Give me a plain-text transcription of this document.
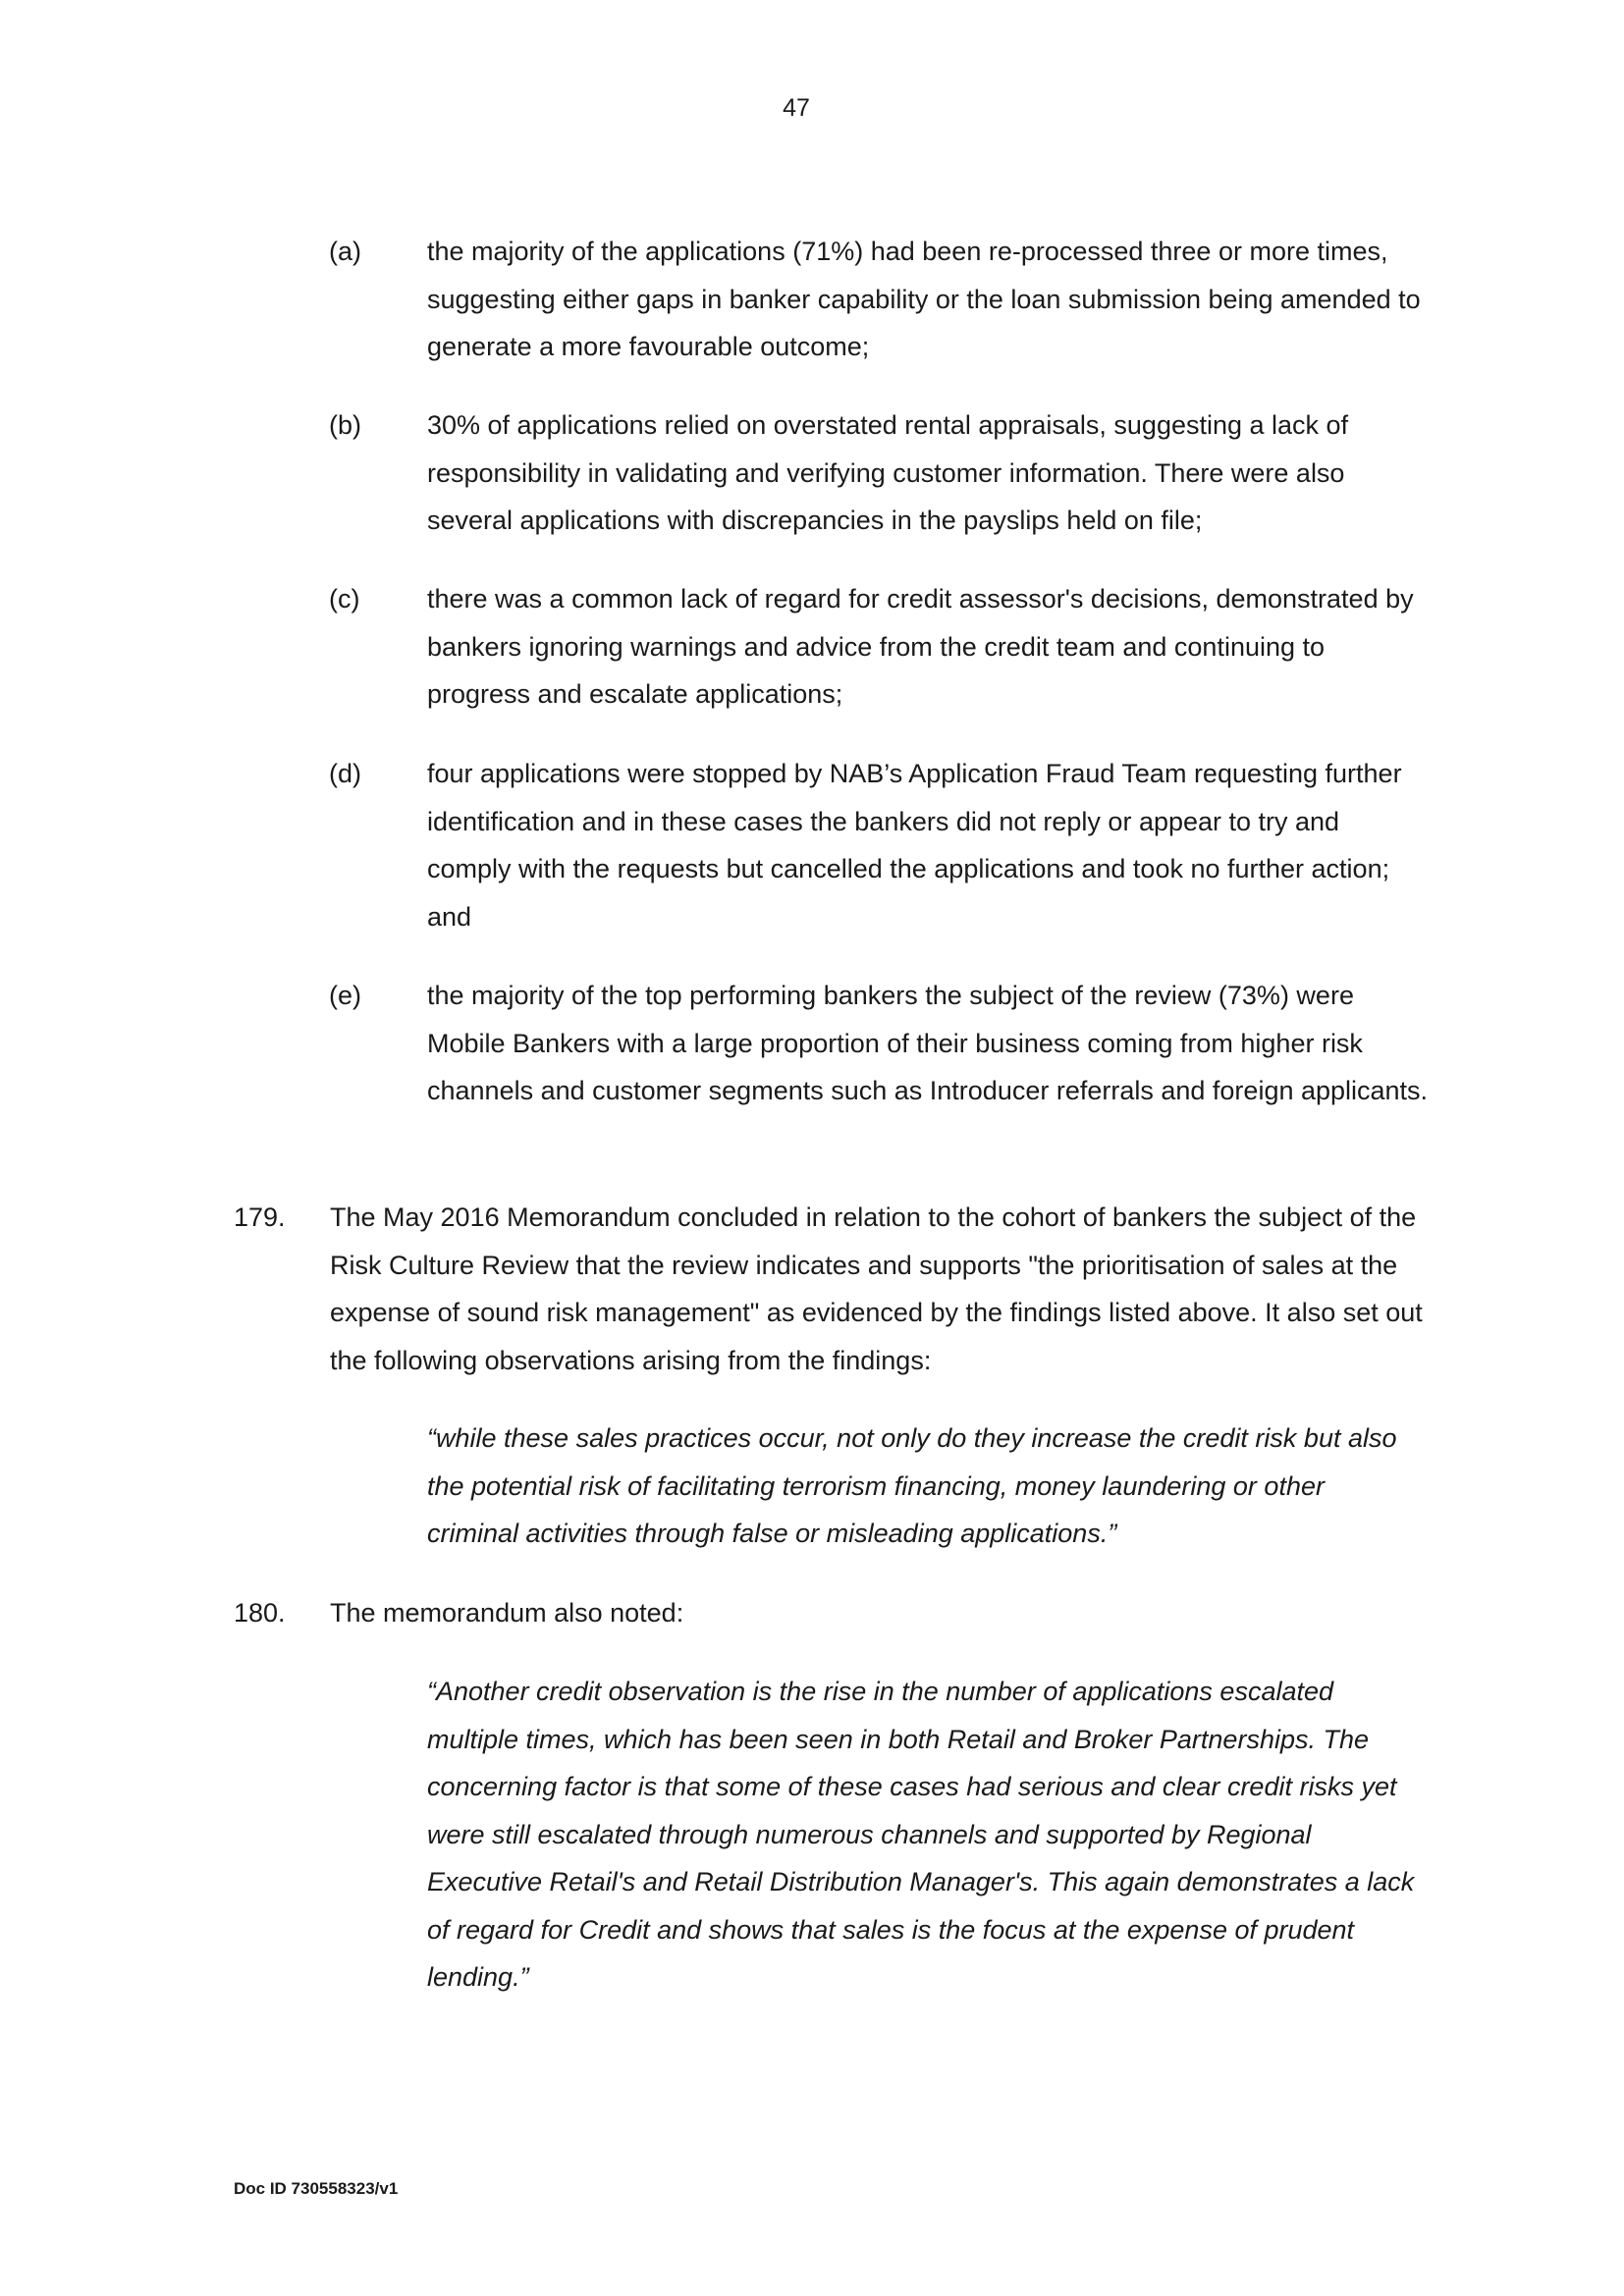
47
(a)	the majority of the applications (71%) had been re-processed three or more times, suggesting either gaps in banker capability or the loan submission being amended to generate a more favourable outcome;
(b)	30% of applications relied on overstated rental appraisals, suggesting a lack of responsibility in validating and verifying customer information. There were also several applications with discrepancies in the payslips held on file;
(c)	there was a common lack of regard for credit assessor's decisions, demonstrated by bankers ignoring warnings and advice from the credit team and continuing to progress and escalate applications;
(d)	four applications were stopped by NAB’s Application Fraud Team requesting further identification and in these cases the bankers did not reply or appear to try and comply with the requests but cancelled the applications and took no further action; and
(e)	the majority of the top performing bankers the subject of the review (73%) were Mobile Bankers with a large proportion of their business coming from higher risk channels and customer segments such as Introducer referrals and foreign applicants.
179.	The May 2016 Memorandum concluded in relation to the cohort of bankers the subject of the Risk Culture Review that the review indicates and supports "the prioritisation of sales at the expense of sound risk management" as evidenced by the findings listed above. It also set out the following observations arising from the findings:
“while these sales practices occur, not only do they increase the credit risk but also the potential risk of facilitating terrorism financing, money laundering or other criminal activities through false or misleading applications.”
180.	The memorandum also noted:
“Another credit observation is the rise in the number of applications escalated multiple times, which has been seen in both Retail and Broker Partnerships. The concerning factor is that some of these cases had serious and clear credit risks yet were still escalated through numerous channels and supported by Regional Executive Retail's and Retail Distribution Manager's. This again demonstrates a lack of regard for Credit and shows that sales is the focus at the expense of prudent lending.”
Doc ID 730558323/v1
